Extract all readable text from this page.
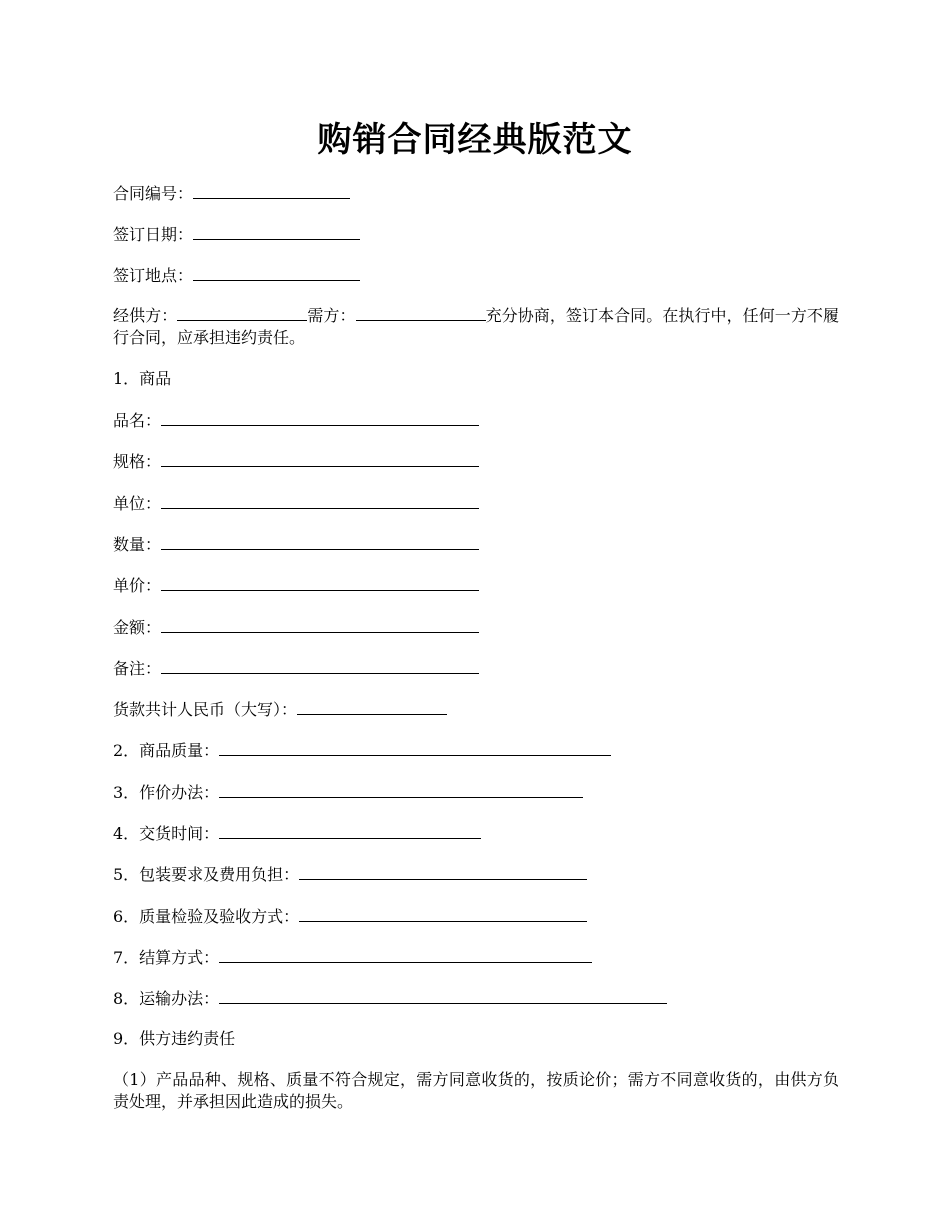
购销合同经典版范文

合同编号：

签订日期：

签订地点：

经供方：	需方：	充分协商，签订本合同。在执行中，任何一方不履行合同，应承担违约责任。

1．商品

品名：

规格：

单位：

数量：

单价：

金额：

备注：

货款共计人民币（大写）：

2．商品质量：

3．作价办法：

4．交货时间：

5．包装要求及费用负担：

6．质量检验及验收方式：

7．结算方式：

8．运输办法：

9．供方违约责任

（1）产品品种、规格、质量不符合规定，需方同意收货的，按质论价；需方不同意收货的，由供方负责处理，并承担因此造成的损失。
